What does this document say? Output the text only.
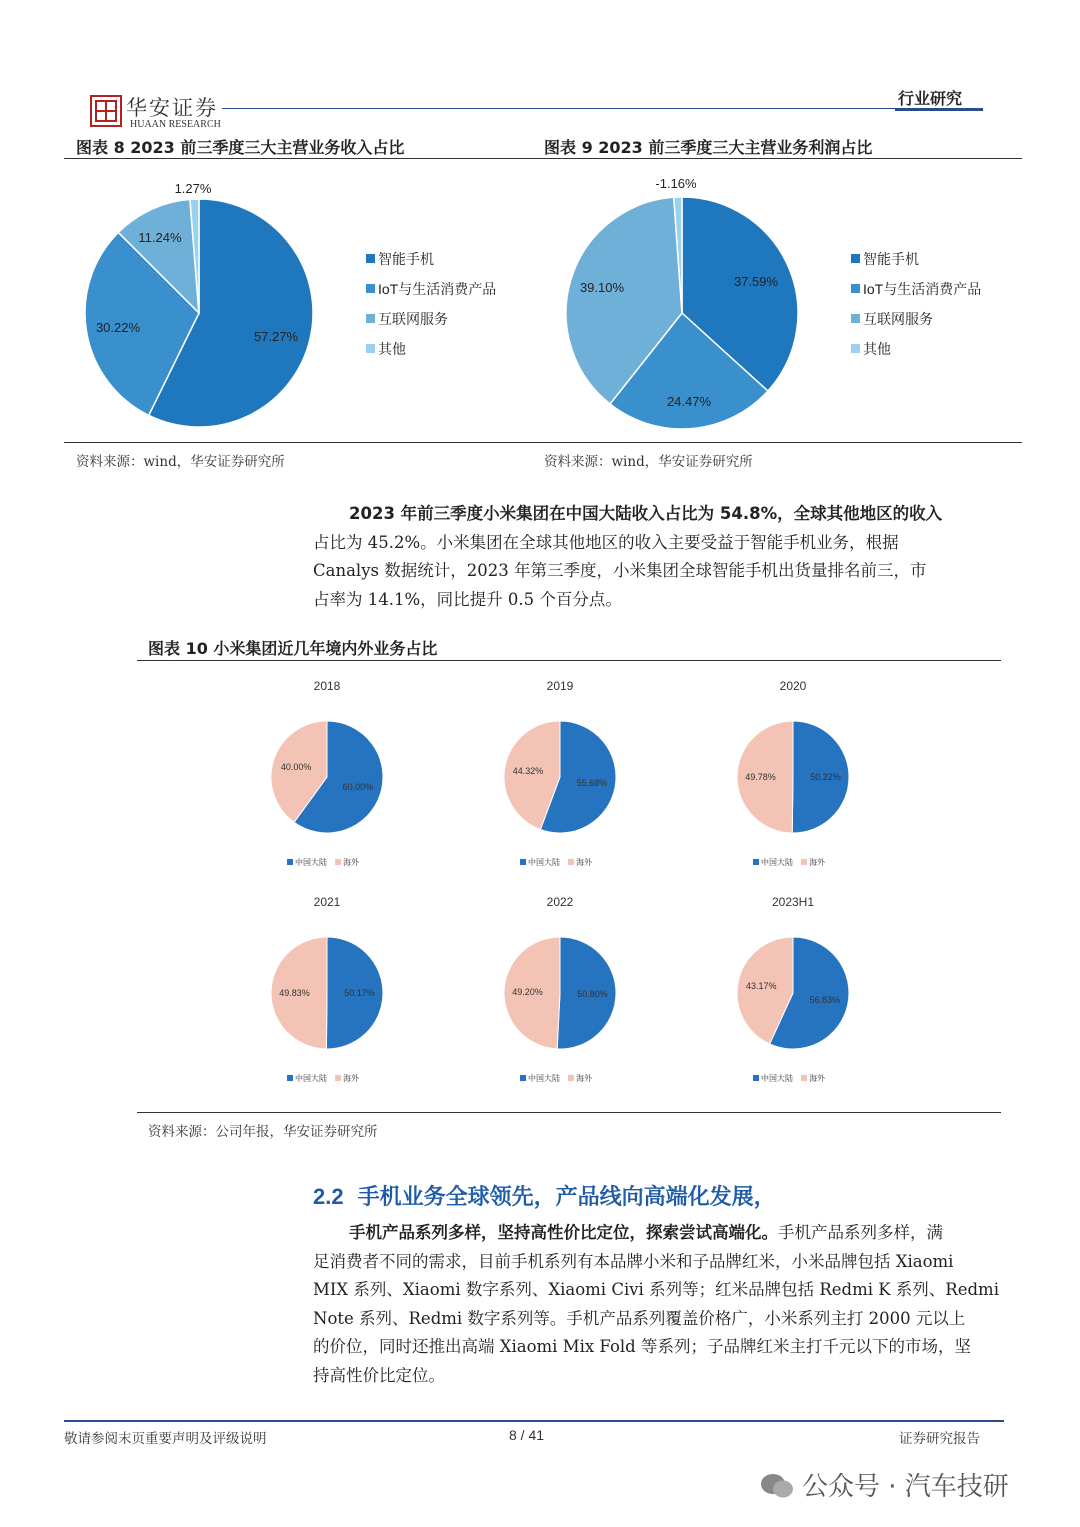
华安证券
HUAAN RESEARCH
行业研究
图表 8 2023 前三季度三大主营业务收入占比	图表 9 2023 前三季度三大主营业务利润占比
57.27%
30.22%
11.24%
1.27%
智能手机
IoT与生活消费产品
互联网服务
其他
37.59%
24.47%
39.10%
-1.16%
智能手机
IoT与生活消费产品
互联网服务
其他
资料来源：wind，华安证券研究所	资料来源：wind，华安证券研究所
2023 年前三季度小米集团在中国大陆收入占比为 54.8%，全球其他地区的收入
占比为 45.2%。小米集团在全球其他地区的收入主要受益于智能手机业务，根据
Canalys 数据统计，2023 年第三季度，小米集团全球智能手机出货量排名前三，市
占率为 14.1%，同比提升 0.5 个百分点。
图表 10 小米集团近几年境内外业务占比
2018
60.00%
40.00%
中国大陆 海外
2019
55.68%
44.32%
中国大陆 海外
2020
50.22%
49.78%
中国大陆 海外
2021
50.17%
49.83%
中国大陆 海外
2022
50.80%
49.20%
中国大陆 海外
2023H1
56.83%
43.17%
中国大陆 海外
资料来源：公司年报，华安证券研究所
2.2 手机业务全球领先，产品线向高端化发展，
手机产品系列多样，坚持高性价比定位，探索尝试高端化。手机产品系列多样，满
足消费者不同的需求，目前手机系列有本品牌小米和子品牌红米，小米品牌包括 Xiaomi
MIX 系列、Xiaomi 数字系列、Xiaomi Civi 系列等；红米品牌包括 Redmi K 系列、Redmi
Note 系列、Redmi 数字系列等。手机产品系列覆盖价格广，小米系列主打 2000 元以上
的价位，同时还推出高端 Xiaomi Mix Fold 等系列；子品牌红米主打千元以下的市场，坚
持高性价比定位。
敬请参阅末页重要声明及评级说明	8 / 41	证券研究报告
公众号 · 汽车技研
